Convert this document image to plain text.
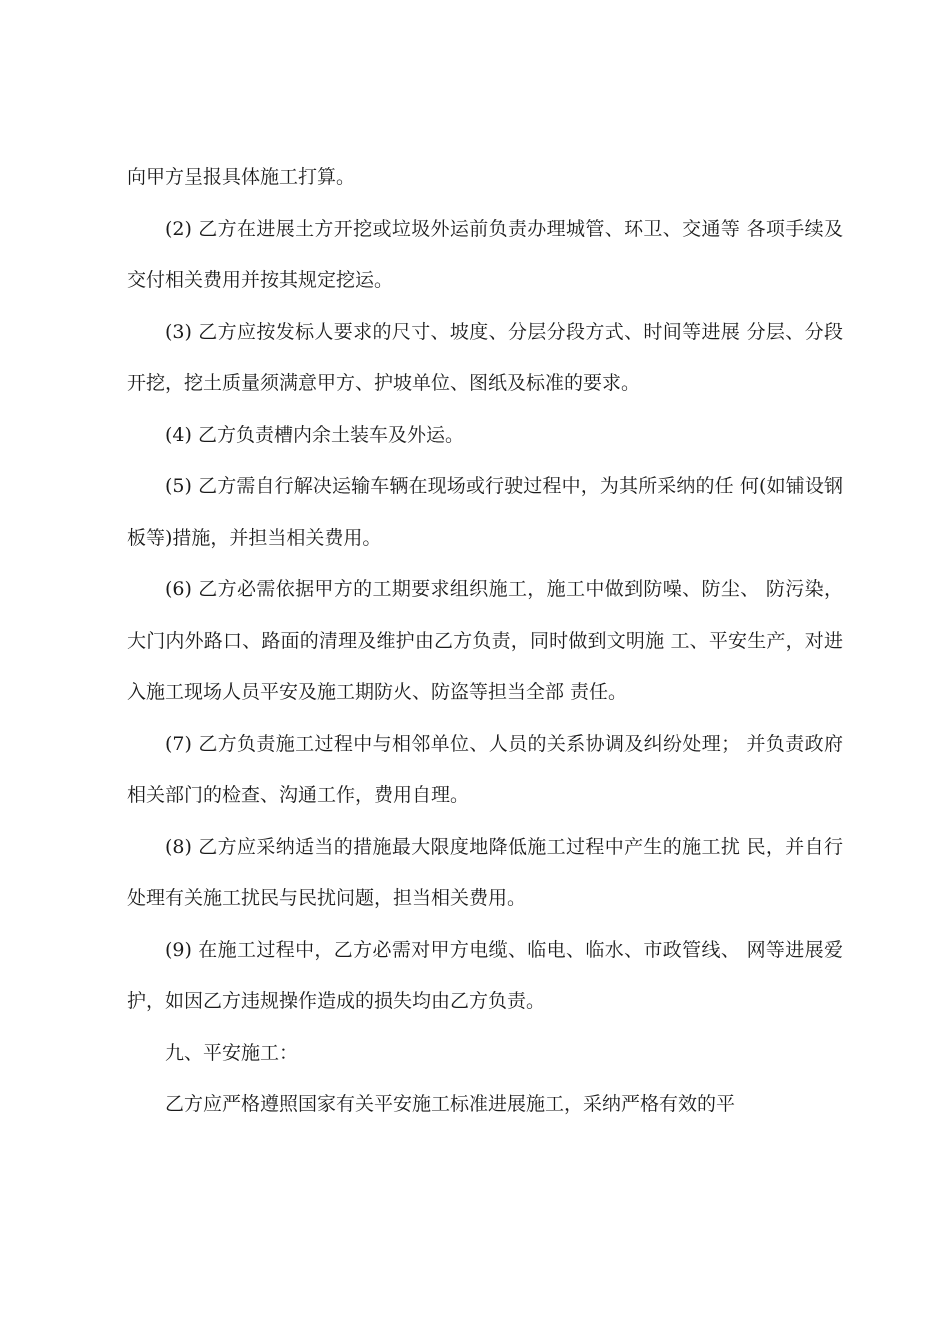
向甲方呈报具体施工打算。

(2) 乙方在进展土方开挖或垃圾外运前负责办理城管、环卫、交通等 各项手续及交付相关费用并按其规定挖运。

(3) 乙方应按发标人要求的尺寸、坡度、分层分段方式、时间等进展 分层、分段开挖，挖土质量须满意甲方、护坡单位、图纸及标准的要求。

(4) 乙方负责槽内余土装车及外运。

(5) 乙方需自行解决运输车辆在现场或行驶过程中，为其所采纳的任 何(如铺设钢板等)措施，并担当相关费用。

(6) 乙方必需依据甲方的工期要求组织施工，施工中做到防噪、防尘、 防污染，大门内外路口、路面的清理及维护由乙方负责，同时做到文明施 工、平安生产，对进入施工现场人员平安及施工期防火、防盗等担当全部 责任。

(7) 乙方负责施工过程中与相邻单位、人员的关系协调及纠纷处理； 并负责政府相关部门的检查、沟通工作，费用自理。

(8) 乙方应采纳适当的措施最大限度地降低施工过程中产生的施工扰 民，并自行处理有关施工扰民与民扰问题，担当相关费用。

(9) 在施工过程中，乙方必需对甲方电缆、临电、临水、市政管线、 网等进展爱护，如因乙方违规操作造成的损失均由乙方负责。

九、平安施工：

乙方应严格遵照国家有关平安施工标准进展施工，采纳严格有效的平
